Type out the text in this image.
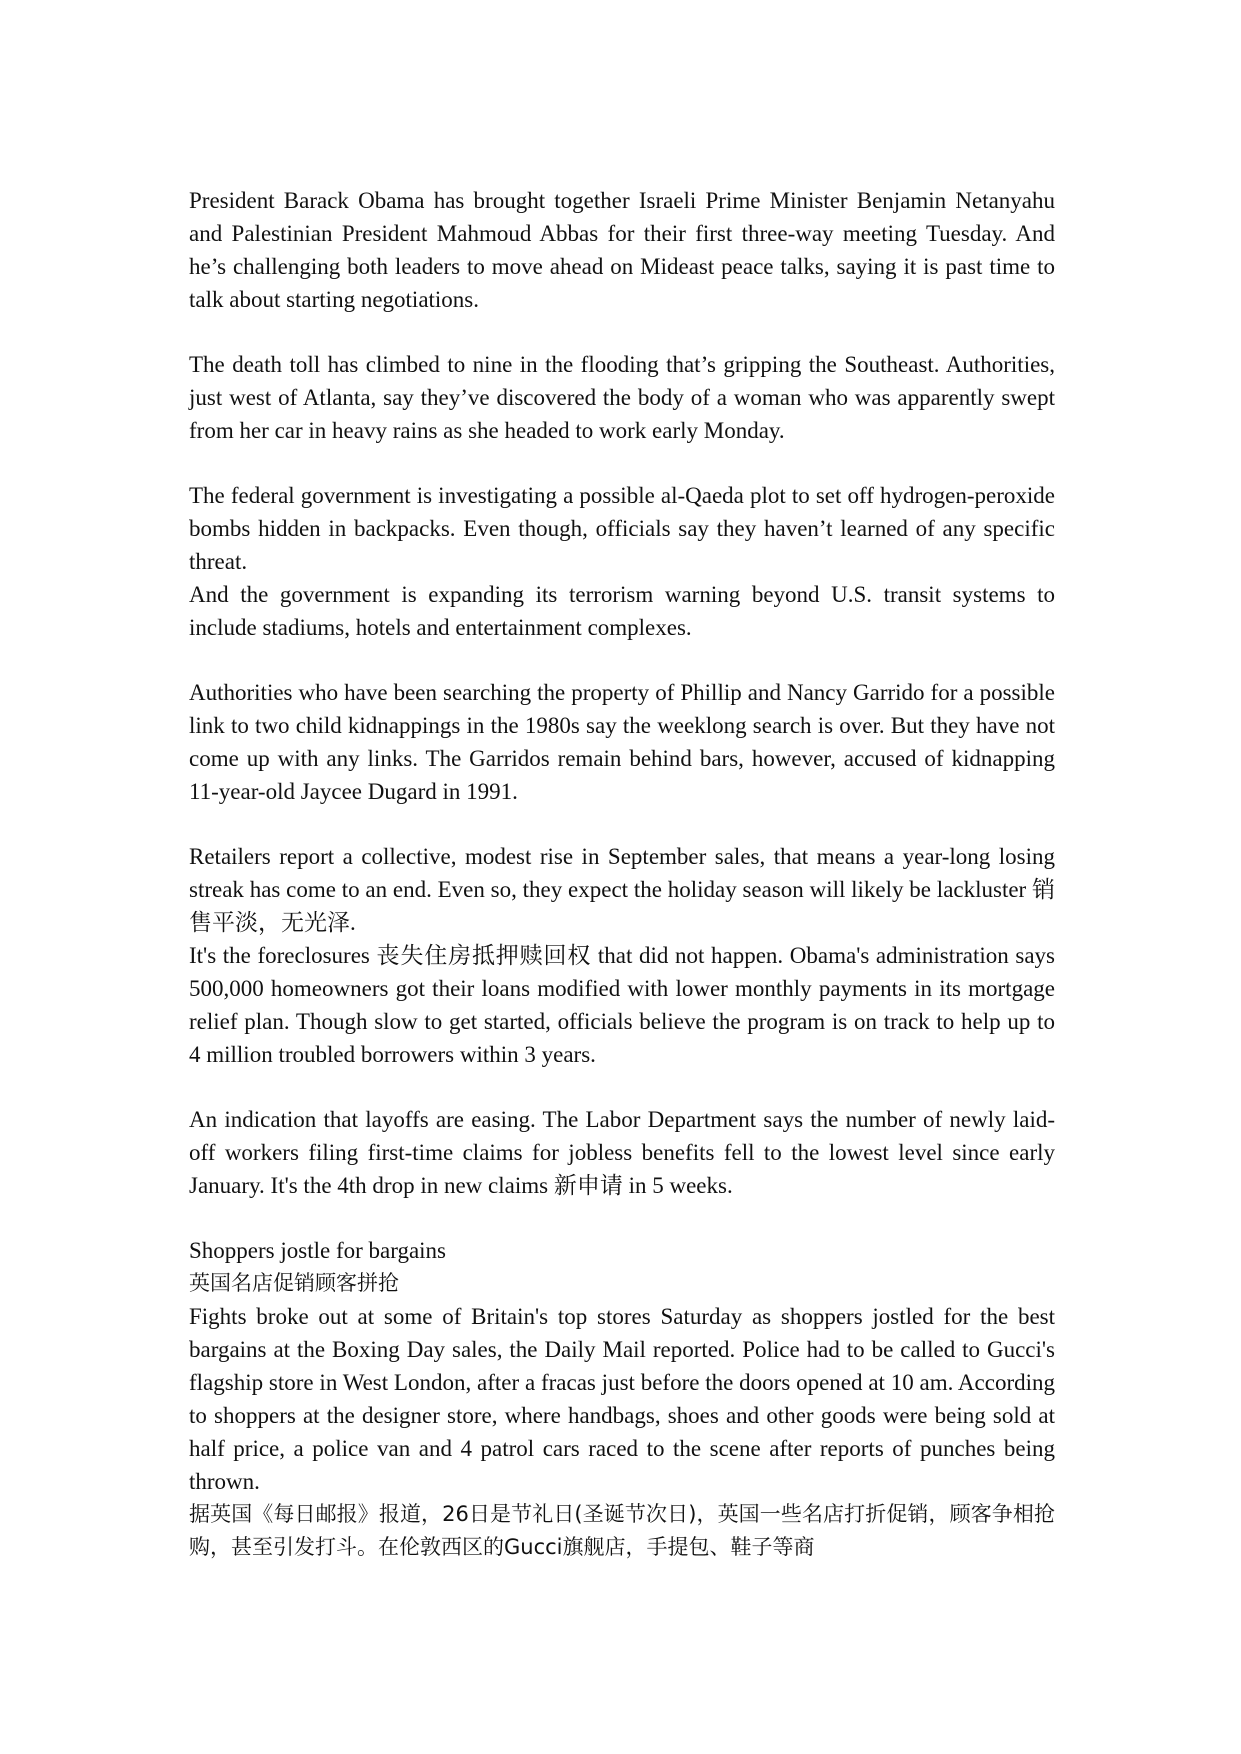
President Barack Obama has brought together Israeli Prime Minister Benjamin Netanyahu and Palestinian President Mahmoud Abbas for their first three-way meeting Tuesday. And he’s challenging both leaders to move ahead on Mideast peace talks, saying it is past time to talk about starting negotiations.

The death toll has climbed to nine in the flooding that’s gripping the Southeast. Authorities, just west of Atlanta, say they’ve discovered the body of a woman who was apparently swept from her car in heavy rains as she headed to work early Monday.

The federal government is investigating a possible al-Qaeda plot to set off hydrogen-peroxide bombs hidden in backpacks. Even though, officials say they haven’t learned of any specific threat.

And the government is expanding its terrorism warning beyond U.S. transit systems to include stadiums, hotels and entertainment complexes.

Authorities who have been searching the property of Phillip and Nancy Garrido for a possible link to two child kidnappings in the 1980s say the weeklong search is over. But they have not come up with any links. The Garridos remain behind bars, however, accused of kidnapping 11-year-old Jaycee Dugard in 1991.

Retailers report a collective, modest rise in September sales, that means a year-long losing streak has come to an end. Even so, they expect the holiday season will likely be lackluster 销售平淡，无光泽.

It's the foreclosures 丧失住房抵押赎回权 that did not happen. Obama's administration says 500,000 homeowners got their loans modified with lower monthly payments in its mortgage relief plan. Though slow to get started, officials believe the program is on track to help up to 4 million troubled borrowers within 3 years.

An indication that layoffs are easing. The Labor Department says the number of newly laid-off workers filing first-time claims for jobless benefits fell to the lowest level since early January. It's the 4th drop in new claims 新申请 in 5 weeks.

Shoppers jostle for bargains

英国名店促销顾客拼抢

Fights broke out at some of Britain's top stores Saturday as shoppers jostled for the best bargains at the Boxing Day sales, the Daily Mail reported. Police had to be called to Gucci's flagship store in West London, after a fracas just before the doors opened at 10 am. According to shoppers at the designer store, where handbags, shoes and other goods were being sold at half price, a police van and 4 patrol cars raced to the scene after reports of punches being thrown.

据英国《每日邮报》报道，26日是节礼日(圣诞节次日)，英国一些名店打折促销，顾客争相抢购，甚至引发打斗。在伦敦西区的Gucci旗舰店，手提包、鞋子等商
